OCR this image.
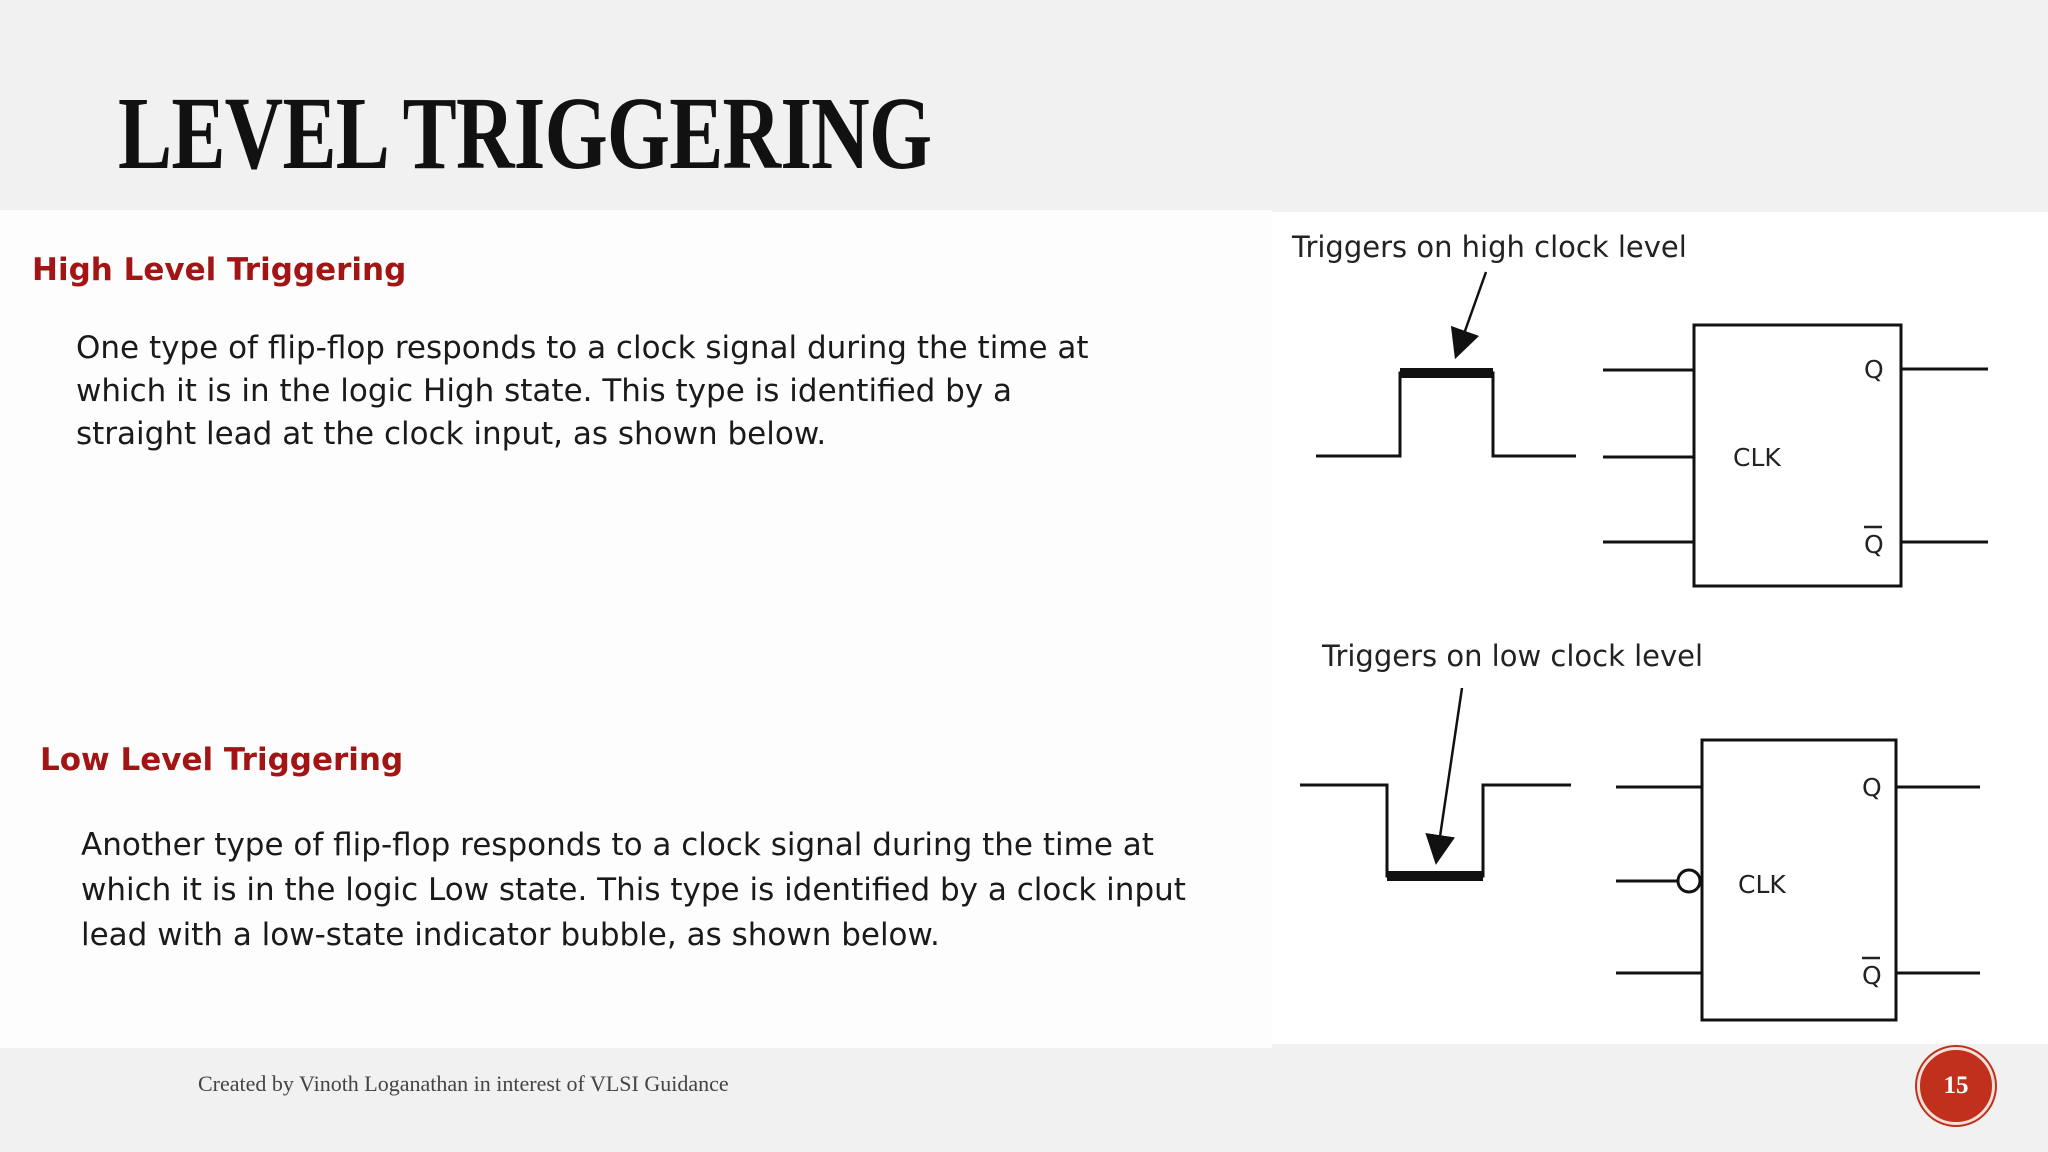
LEVEL TRIGGERING
High Level Triggering
One type of flip-flop responds to a clock signal during the time at
which it is in the logic High state. This type is identified by a
straight lead at the clock input, as shown below.
Low Level Triggering
Another type of flip-flop responds to a clock signal during the time at
which it is in the logic Low state. This type is identified by a clock input
lead with a low-state indicator bubble, as shown below.
Triggers on high clock level
Triggers on low clock level
CLK
Q
Q
CLK
Q
Q
Created by Vinoth Loganathan in interest of VLSI Guidance	15
